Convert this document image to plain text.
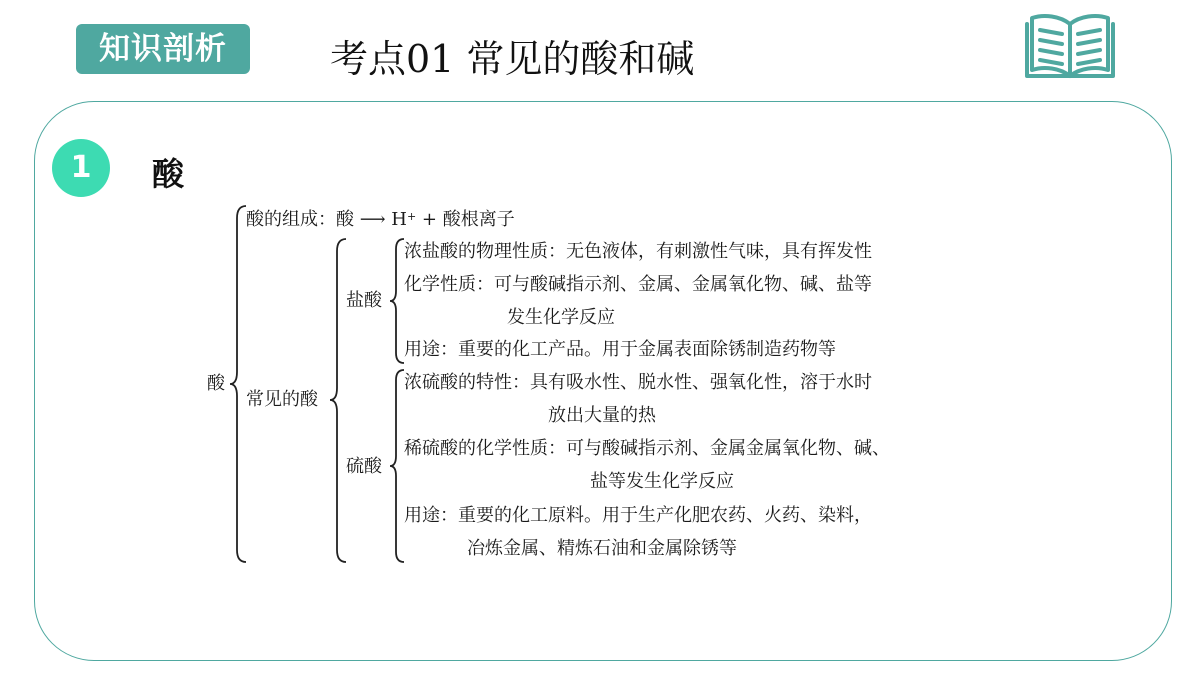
知识剖析	考点01 常见的酸和碱
1	酸
酸
酸的组成：酸 ⟶ H+ + 酸根离子
常见的酸
盐酸
浓盐酸的物理性质：无色液体，有刺激性气味，具有挥发性
化学性质：可与酸碱指示剂、金属、金属氧化物、碱、盐等
发生化学反应
用途：重要的化工产品。用于金属表面除锈制造药物等
硫酸
浓硫酸的特性：具有吸水性、脱水性、强氧化性，溶于水时
放出大量的热
稀硫酸的化学性质：可与酸碱指示剂、金属金属氧化物、碱、
盐等发生化学反应
用途：重要的化工原料。用于生产化肥农药、火药、染料，
冶炼金属、精炼石油和金属除锈等
